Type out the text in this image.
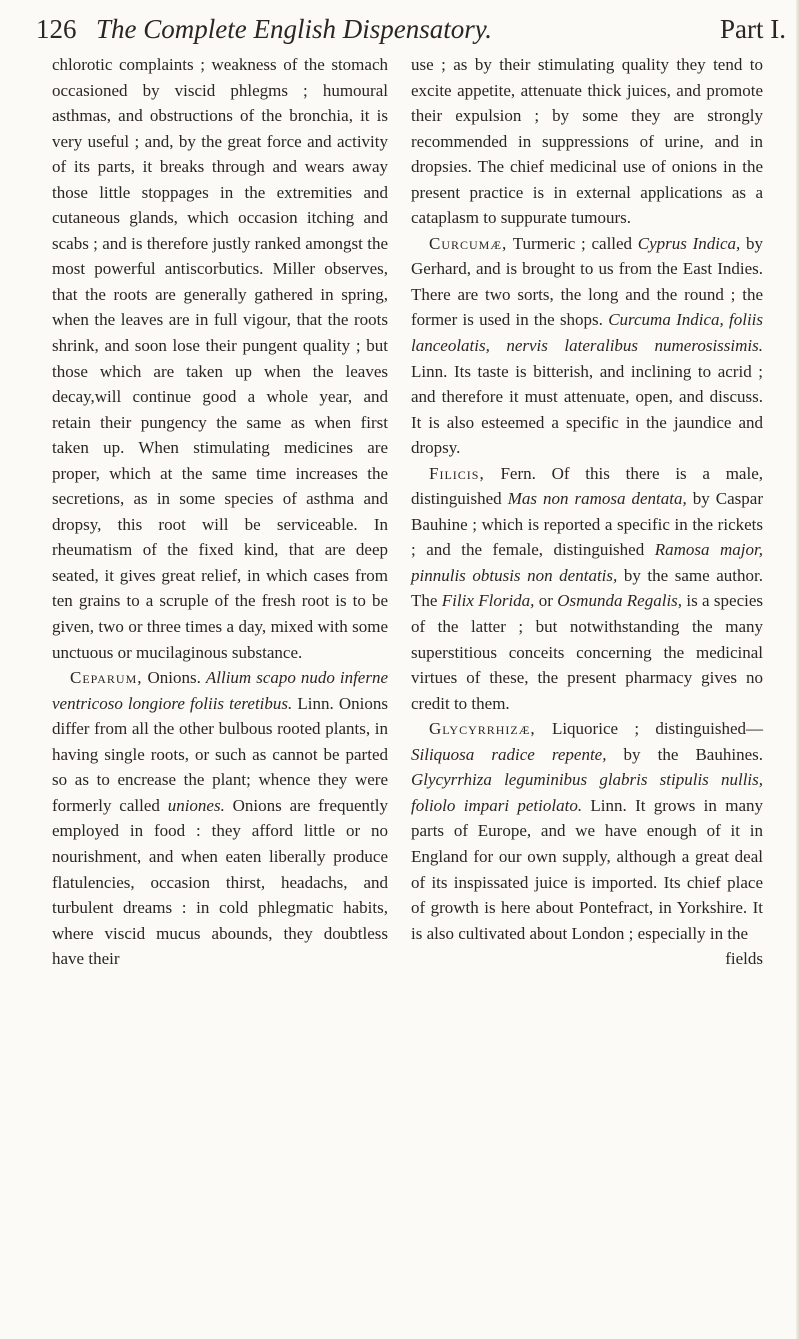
126 The Complete English Dispensatory.	Part I.

chlorotic complaints ; weakness of the stomach occasioned by viscid phlegms ; humoural asthmas, and obstructions of the bronchia, it is very useful ; and, by the great force and activity of its parts, it breaks through and wears away those little stoppages in the extremities and cutaneous glands, which occasion itching and scabs ; and is therefore justly ranked amongst the most powerful antiscorbutics. Miller observes, that the roots are generally gathered in spring, when the leaves are in full vigour, that the roots shrink, and soon lose their pungent quality ; but those which are taken up when the leaves decay,will continue good a whole year, and retain their pungency the same as when first taken up. When stimulating medicines are proper, which at the same time increases the secretions, as in some species of asthma and dropsy, this root will be serviceable. In rheumatism of the fixed kind, that are deep seated, it gives great relief, in which cases from ten grains to a scruple of the fresh root is to be given, two or three times a day, mixed with some unctuous or mucilaginous substance.

Ceparum, Onions. Allium scapo nudo inferne ventricoso longiore foliis teretibus. Linn. Onions differ from all the other bulbous rooted plants, in having single roots, or such as cannot be parted so as to encrease the plant; whence they were formerly called uniones. Onions are frequently employed in food : they afford little or no nourishment, and when eaten liberally produce flatulencies, occasion thirst, headachs, and turbulent dreams : in cold phlegmatic habits, where viscid mucus abounds, they doubtless have their

use ; as by their stimulating quality they tend to excite appetite, attenuate thick juices, and promote their expulsion ; by some they are strongly recommended in suppressions of urine, and in dropsies. The chief medicinal use of onions in the present practice is in external applications as a cataplasm to suppurate tumours.

Curcumæ, Turmeric ; called Cyprus Indica, by Gerhard, and is brought to us from the East Indies. There are two sorts, the long and the round ; the former is used in the shops. Curcuma Indica, foliis lanceolatis, nervis lateralibus numerosissimis. Linn. Its taste is bitterish, and inclining to acrid ; and therefore it must attenuate, open, and discuss. It is also esteemed a specific in the jaundice and dropsy.

Filicis, Fern. Of this there is a male, distinguished Mas non ramosa dentata, by Caspar Bauhine ; which is reported a specific in the rickets ; and the female, distinguished Ramosa major, pinnulis obtusis non dentatis, by the same author. The Filix Florida, or Osmunda Regalis, is a species of the latter ; but notwithstanding the many superstitious conceits concerning the medicinal virtues of these, the present pharmacy gives no credit to them.

Glycyrrhizæ, Liquorice ; distinguished— Siliquosa radice repente, by the Bauhines. Glycyrrhiza leguminibus glabris stipulis nullis, foliolo impari petiolato. Linn. It grows in many parts of Europe, and we have enough of it in England for our own supply, although a great deal of its inspissated juice is imported. Its chief place of growth is here about Pontefract, in Yorkshire. It is also cultivated about London ; especially in the

fields
